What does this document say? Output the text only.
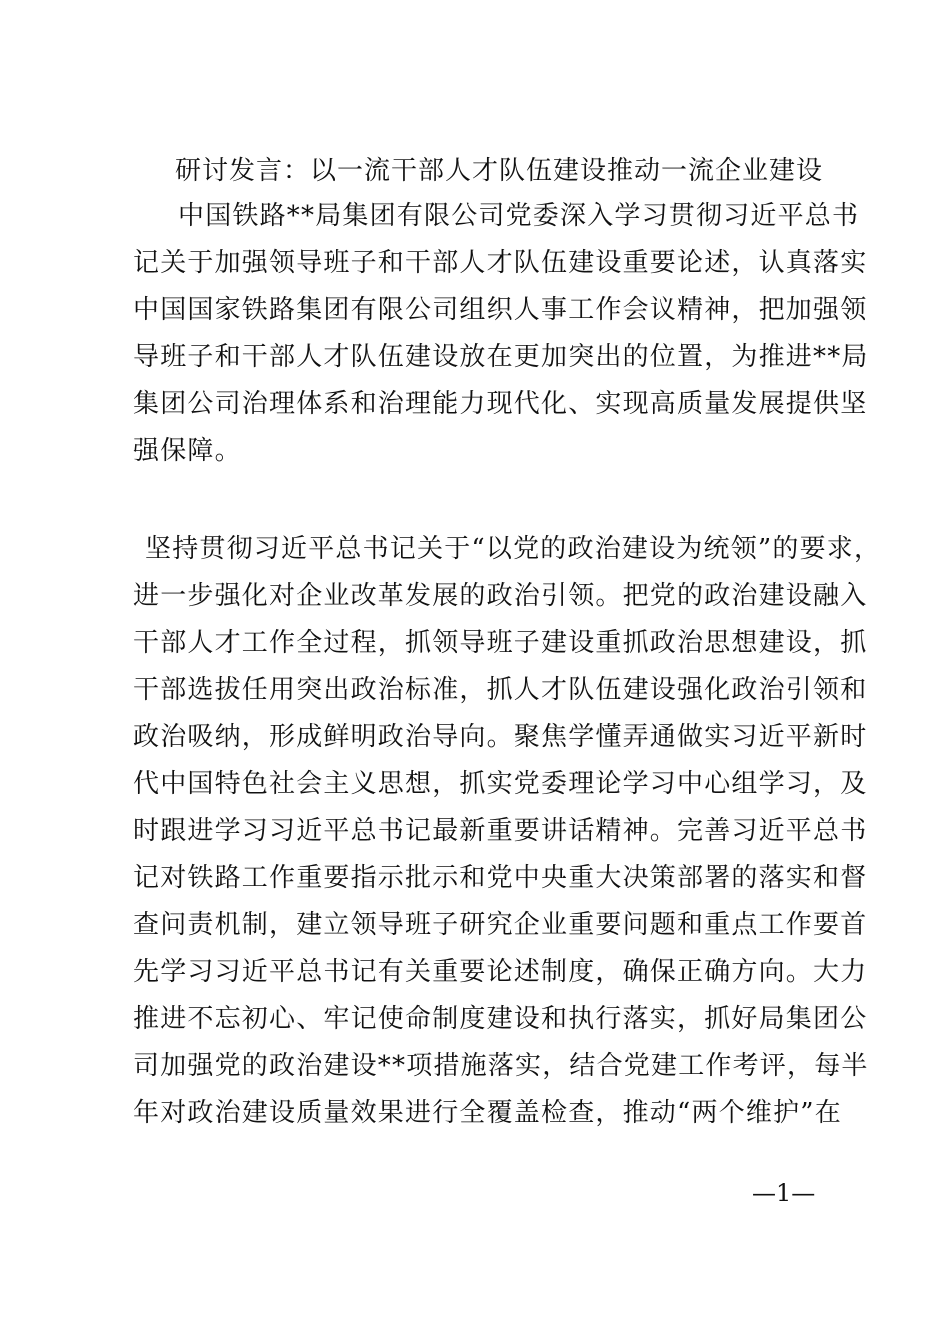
研讨发言：以一流干部人才队伍建设推动一流企业建设
中国铁路**局集团有限公司党委深入学习贯彻习近平总书
记关于加强领导班子和干部人才队伍建设重要论述，认真落实
中国国家铁路集团有限公司组织人事工作会议精神，把加强领
导班子和干部人才队伍建设放在更加突出的位置，为推进**局
集团公司治理体系和治理能力现代化、实现高质量发展提供坚
强保障。
坚持贯彻习近平总书记关于“以党的政治建设为统领”的要求，
进一步强化对企业改革发展的政治引领。把党的政治建设融入
干部人才工作全过程，抓领导班子建设重抓政治思想建设，抓
干部选拔任用突出政治标准，抓人才队伍建设强化政治引领和
政治吸纳，形成鲜明政治导向。聚焦学懂弄通做实习近平新时
代中国特色社会主义思想，抓实党委理论学习中心组学习，及
时跟进学习习近平总书记最新重要讲话精神。完善习近平总书
记对铁路工作重要指示批示和党中央重大决策部署的落实和督
查问责机制，建立领导班子研究企业重要问题和重点工作要首
先学习习近平总书记有关重要论述制度，确保正确方向。大力
推进不忘初心、牢记使命制度建设和执行落实，抓好局集团公
司加强党的政治建设**项措施落实，结合党建工作考评，每半
年对政治建设质量效果进行全覆盖检查，推动“两个维护”在
—1—
